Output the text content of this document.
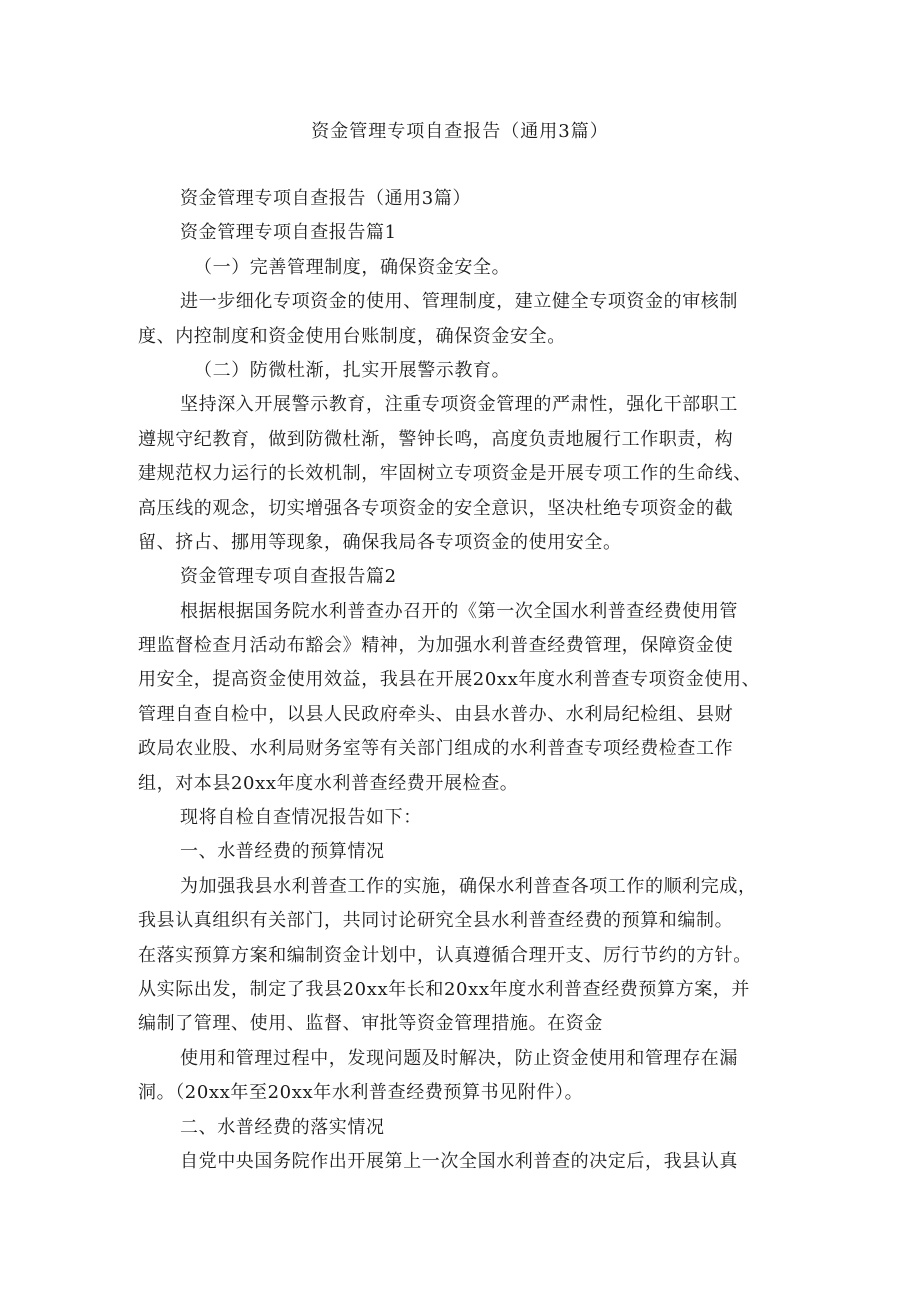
资金管理专项自查报告（通用3篇）
资金管理专项自查报告（通用3篇）
资金管理专项自查报告篇1
（一）完善管理制度，确保资金安全。
进一步细化专项资金的使用、管理制度，建立健全专项资金的审核制
度、内控制度和资金使用台账制度，确保资金安全。
（二）防微杜渐，扎实开展警示教育。
坚持深入开展警示教育，注重专项资金管理的严肃性，强化干部职工
遵规守纪教育，做到防微杜渐，警钟长鸣，高度负责地履行工作职责，构
建规范权力运行的长效机制，牢固树立专项资金是开展专项工作的生命线、
高压线的观念，切实增强各专项资金的安全意识，坚决杜绝专项资金的截
留、挤占、挪用等现象，确保我局各专项资金的使用安全。
资金管理专项自查报告篇2
根据根据国务院水利普查办召开的《第一次全国水利普查经费使用管
理监督检查月活动布豁会》精神，为加强水利普查经费管理，保障资金使
用安全，提高资金使用效益，我县在开展20xx年度水利普查专项资金使用、
管理自查自检中，以县人民政府牵头、由县水普办、水利局纪检组、县财
政局农业股、水利局财务室等有关部门组成的水利普查专项经费检查工作
组，对本县20xx年度水利普查经费开展检查。
现将自检自查情况报告如下：
一、水普经费的预算情况
为加强我县水利普查工作的实施，确保水利普查各项工作的顺利完成，
我县认真组织有关部门，共同讨论研究全县水利普查经费的预算和编制。
在落实预算方案和编制资金计划中，认真遵循合理开支、厉行节约的方针。
从实际出发，制定了我县20xx年长和20xx年度水利普查经费预算方案，并
编制了管理、使用、监督、审批等资金管理措施。在资金
使用和管理过程中，发现问题及时解决，防止资金使用和管理存在漏
洞。（20xx年至20xx年水利普查经费预算书见附件）。
二、水普经费的落实情况
自党中央国务院作出开展第上一次全国水利普查的决定后，我县认真
